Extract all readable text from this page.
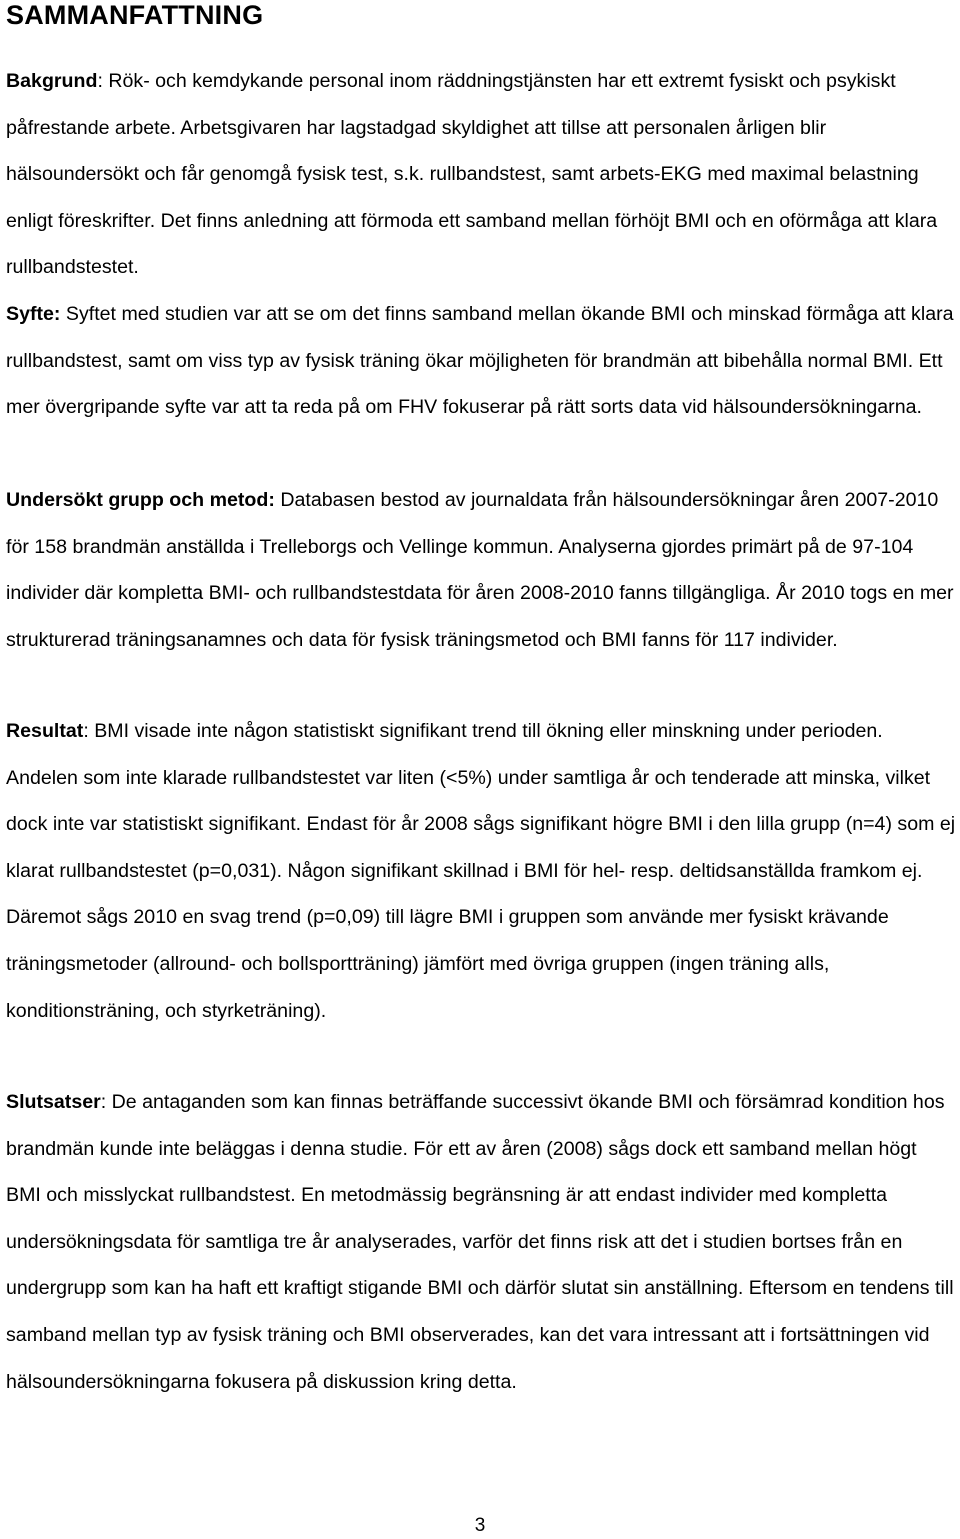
SAMMANFATTNING

Bakgrund: Rök- och kemdykande personal inom räddningstjänsten har ett extremt fysiskt och psykiskt påfrestande arbete. Arbetsgivaren har lagstadgad skyldighet att tillse att personalen årligen blir hälsoundersökt och får genomgå fysisk test, s.k. rullbandstest, samt arbets-EKG med maximal belastning enligt föreskrifter. Det finns anledning att förmoda ett samband mellan förhöjt BMI och en oförmåga att klara rullbandstestet.

Syfte: Syftet med studien var att se om det finns samband mellan ökande BMI och minskad förmåga att klara rullbandstest, samt om viss typ av fysisk träning ökar möjligheten för brandmän att bibehålla normal BMI. Ett mer övergripande syfte var att ta reda på om FHV fokuserar på rätt sorts data vid hälsoundersökningarna.

Undersökt grupp och metod: Databasen bestod av journaldata från hälsoundersökningar åren 2007-2010 för 158 brandmän anställda i Trelleborgs och Vellinge kommun. Analyserna gjordes primärt på de 97-104 individer där kompletta BMI- och rullbandstestdata för åren 2008-2010 fanns tillgängliga. År 2010 togs en mer strukturerad träningsanamnes och data för fysisk träningsmetod och BMI fanns för 117 individer.

Resultat: BMI visade inte någon statistiskt signifikant trend till ökning eller minskning under perioden. Andelen som inte klarade rullbandstestet var liten (<5%) under samtliga år och tenderade att minska, vilket dock inte var statistiskt signifikant. Endast för år 2008 sågs signifikant högre BMI i den lilla grupp (n=4) som ej klarat rullbandstestet (p=0,031). Någon signifikant skillnad i BMI för hel- resp. deltidsanställda framkom ej. Däremot sågs 2010 en svag trend (p=0,09) till lägre BMI i gruppen som använde mer fysiskt krävande träningsmetoder (allround- och bollsportträning) jämfört med övriga gruppen (ingen träning alls, konditionsträning, och styrketräning).

Slutsatser: De antaganden som kan finnas beträffande successivt ökande BMI och försämrad kondition hos brandmän kunde inte beläggas i denna studie. För ett av åren (2008) sågs dock ett samband mellan högt BMI och misslyckat rullbandstest. En metodmässig begränsning är att endast individer med kompletta undersökningsdata för samtliga tre år analyserades, varför det finns risk att det i studien bortses från en undergrupp som kan ha haft ett kraftigt stigande BMI och därför slutat sin anställning. Eftersom en tendens till samband mellan typ av fysisk träning och BMI observerades, kan det vara intressant att i fortsättningen vid hälsoundersökningarna fokusera på diskussion kring detta.

3
